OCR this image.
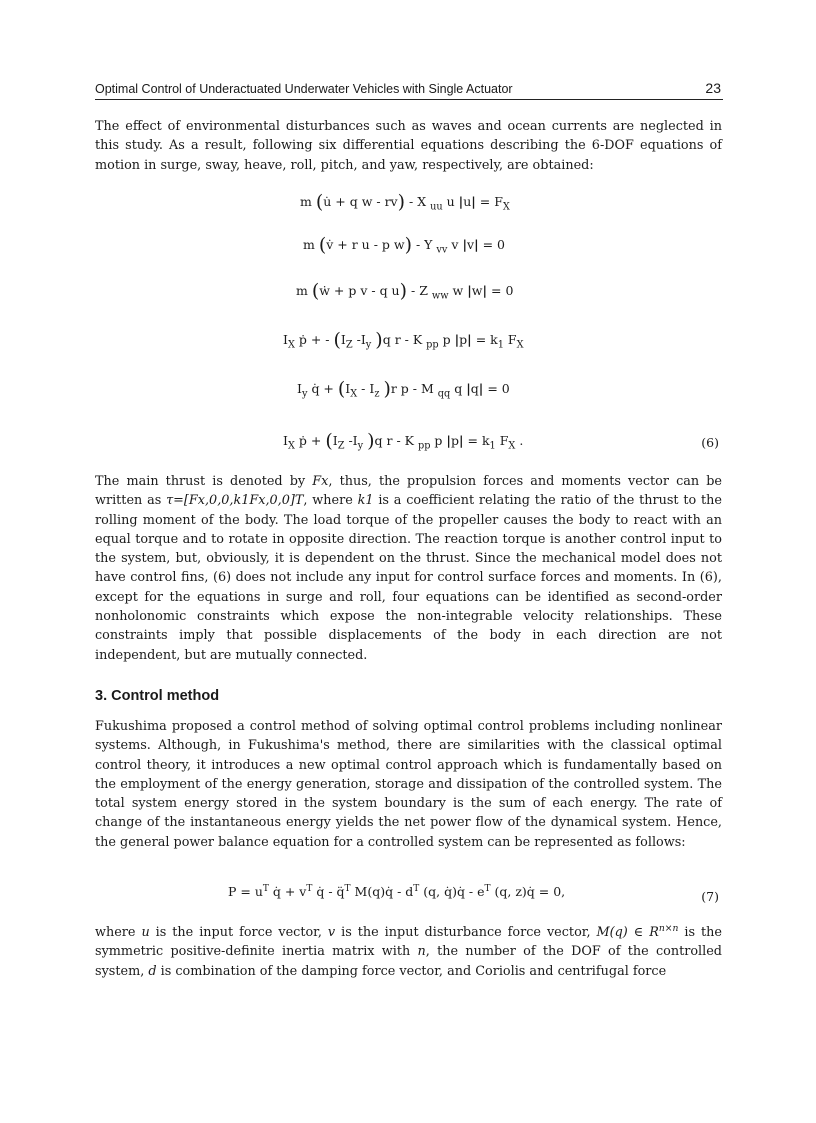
Optimal Control of Underactuated Underwater Vehicles with Single Actuator	23

The effect of environmental disturbances such as waves and ocean currents are neglected in this study. As a result, following six differential equations describing the 6-DOF equations of motion in surge, sway, heave, roll, pitch, and yaw, respectively, are obtained:

m (u̇ + q w - rv) - X $_{uu}$ u $|u| = F_X$
m (v̇ + r u - p w) - Y $_{vv}$ v |v| = 0
m (ẇ + p v - q u) - Z $_{ww}$ w |w| = 0
$I_X$ ṗ + - ($I_Z$ $-I_y$ )q r - K $_{pp}$ p $|p| = k_1$ $F_X$
$I_y$ q̇ + ($I_X - I_z$ )r p - M $_{qq}$ q |q| = 0
$I_X$ ṗ + ($I_Z$ $-I_y$ )q r - K $_{pp}$ p $|p| = k_1$ $F_X$ .	(6)

The main thrust is denoted by Fx, thus, the propulsion forces and moments vector can be written as τ=[Fx,0,0,k1Fx,0,0]T, where k1 is a coefficient relating the ratio of the thrust to the rolling moment of the body. The load torque of the propeller causes the body to react with an equal torque and to rotate in opposite direction. The reaction torque is another control input to the system, but, obviously, it is dependent on the thrust. Since the mechanical model does not have control fins, (6) does not include any input for control surface forces and moments. In (6), except for the equations in surge and roll, four equations can be identified as second-order nonholonomic constraints which expose the non-integrable velocity relationships. These constraints imply that possible displacements of the body in each direction are not independent, but are mutually connected.

3. Control method

Fukushima proposed a control method of solving optimal control problems including nonlinear systems. Although, in Fukushima's method, there are similarities with the classical optimal control theory, it introduces a new optimal control approach which is fundamentally based on the employment of the energy generation, storage and dissipation of the controlled system. The total system energy stored in the system boundary is the sum of each energy. The rate of change of the instantaneous energy yields the net power flow of the dynamical system. Hence, the general power balance equation for a controlled system can be represented as follows:

$P = u^T$ q̇ + $v^T$ q̇ - q̈$^T$ M(q)q̇ - $d^T$ (q, q̇)q̇ - $e^T$ (q, z)q̇ = 0,	(7)

where u is the input force vector, v is the input disturbance force vector, M(q) ∈ $R^{n\times n}$ is the symmetric positive-definite inertia matrix with n, the number of the DOF of the controlled system, d is combination of the damping force vector, and Coriolis and centrifugal force
